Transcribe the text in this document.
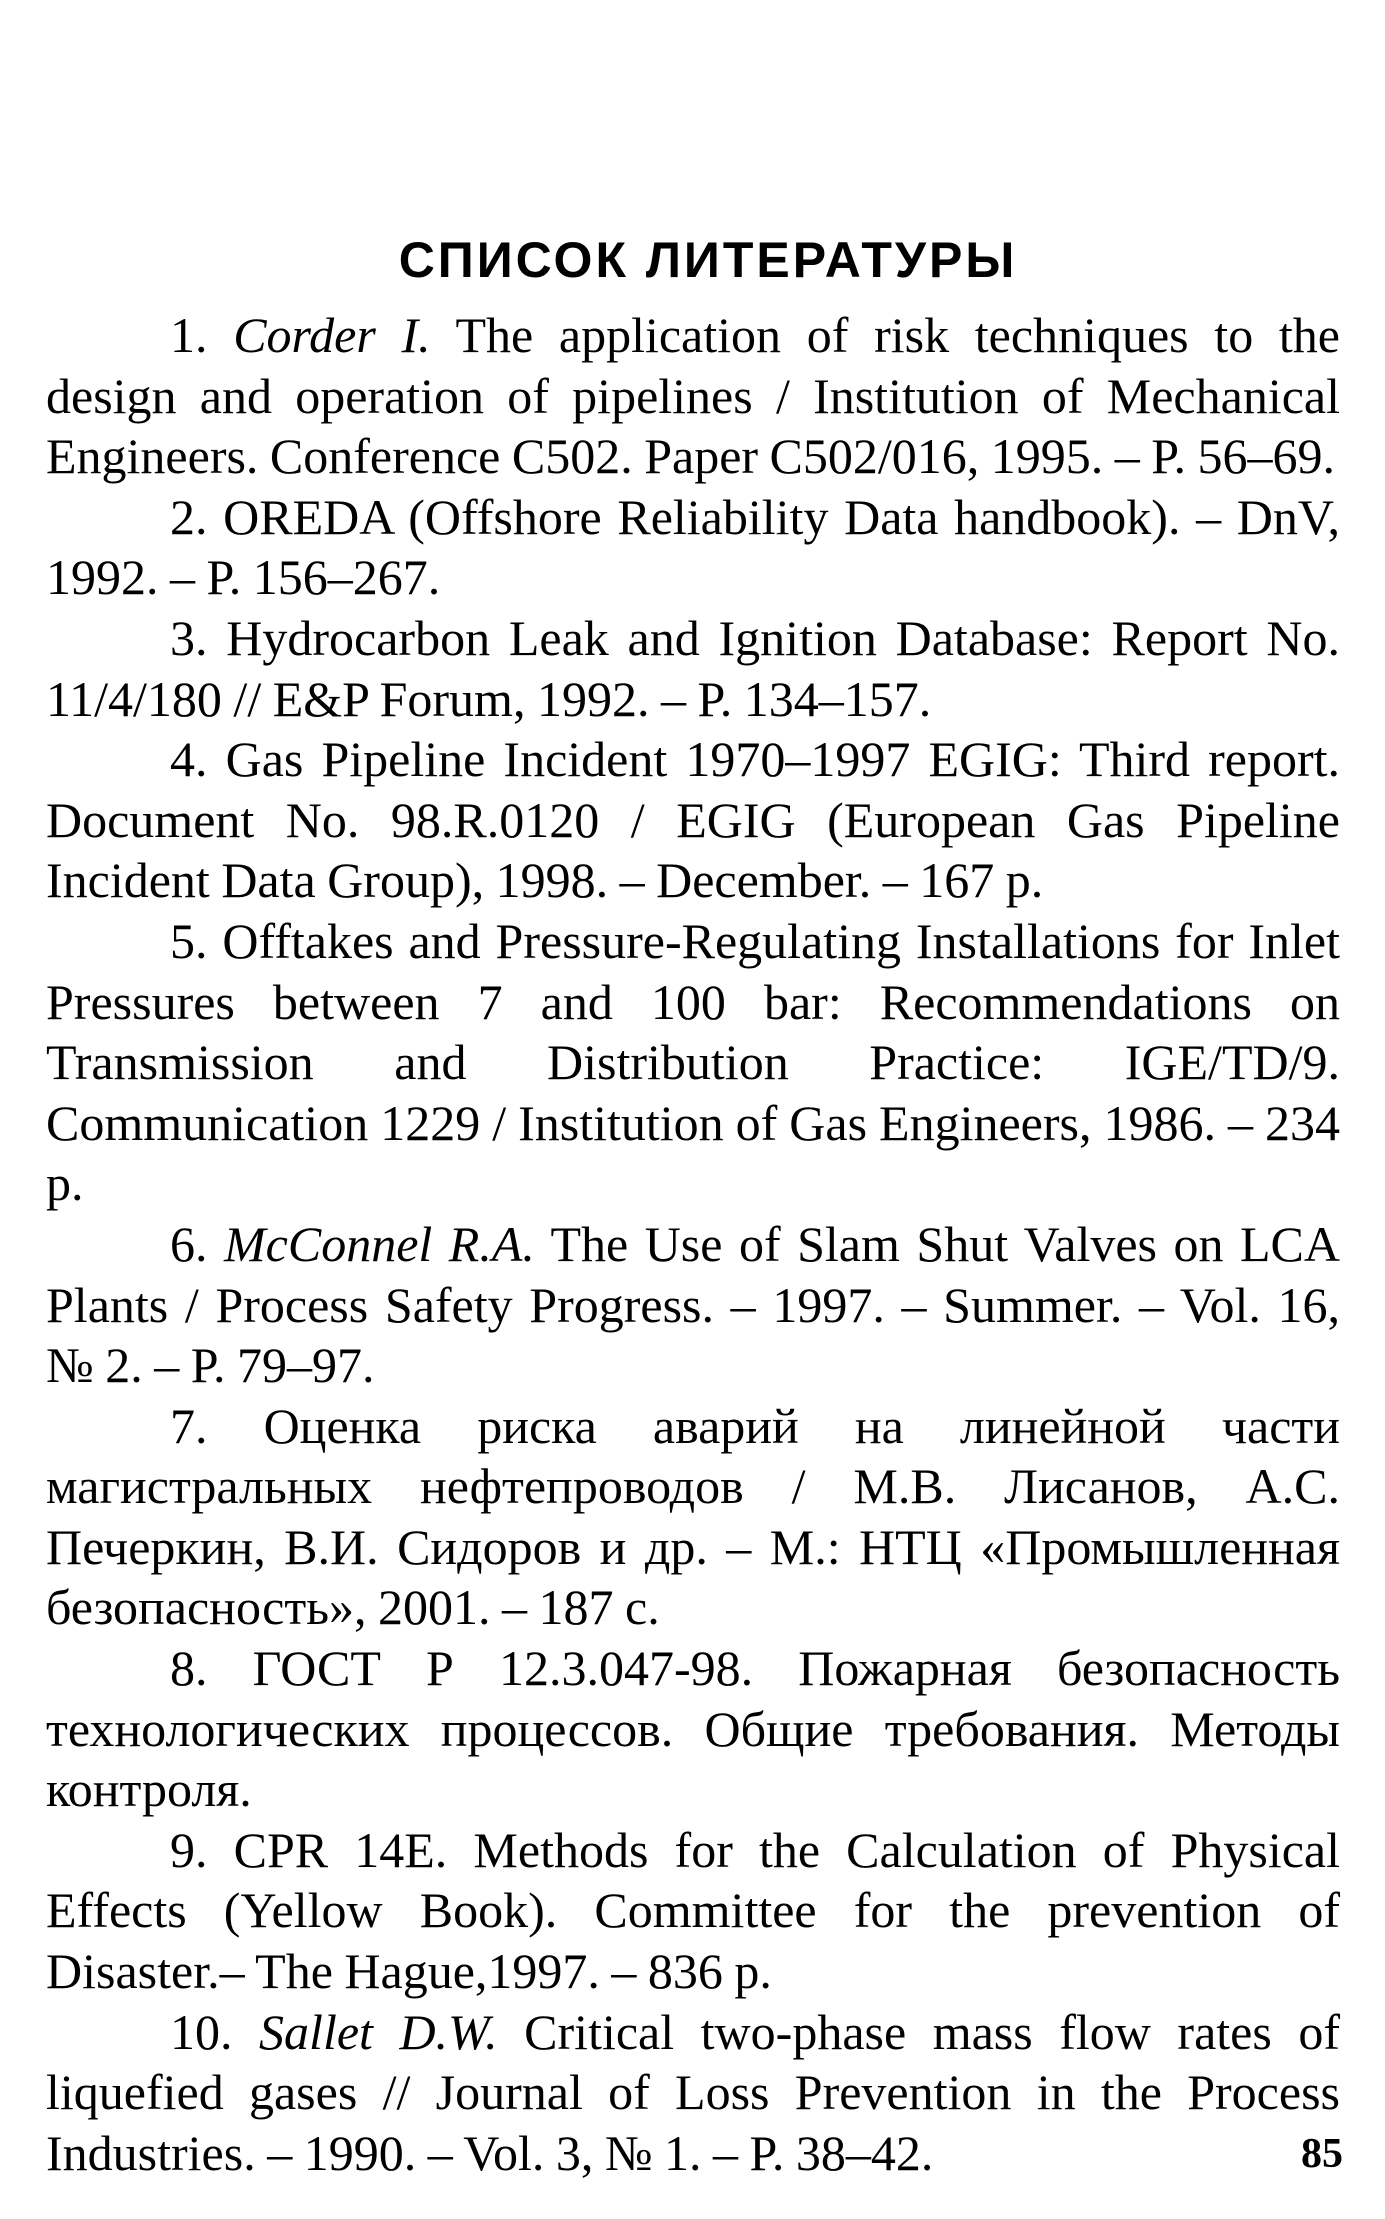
СПИСОК ЛИТЕРАТУРЫ
1. Corder I. The application of risk techniques to the design and operation of pipelines / Institution of Mechanical Engineers. Conference C502. Paper C502/016, 1995. – P. 56–69.
2. OREDA (Offshore Reliability Data handbook). – DnV, 1992. – P. 156–267.
3. Hydrocarbon Leak and Ignition Database: Report No. 11/4/180 // E&P Forum, 1992. – P. 134–157.
4. Gas Pipeline Incident 1970–1997 EGIG: Third report. Document No. 98.R.0120 / EGIG (European Gas Pipeline Incident Data Group), 1998. – December. – 167 p.
5. Offtakes and Pressure-Regulating Installations for Inlet Pressures between 7 and 100 bar: Recommendations on Transmission and Distribution Practice: IGE/TD/9. Communication 1229 / Institution of Gas Engineers, 1986. – 234 p.
6. McConnel R.A. The Use of Slam Shut Valves on LCA Plants / Process Safety Progress. – 1997. – Summer. – Vol. 16, № 2. – P. 79–97.
7. Оценка риска аварий на линейной части магистральных нефтепроводов / М.В. Лисанов, А.С. Печеркин, В.И. Сидоров и др. – М.: НТЦ «Промышленная безопасность», 2001. – 187 с.
8. ГОСТ Р 12.3.047-98. Пожарная безопасность технологических процессов. Общие требования. Методы контроля.
9. CPR 14E. Methods for the Calculation of Physical Effects (Yellow Book). Committee for the prevention of Disaster.– The Hague,1997. – 836 p.
10. Sallet D.W. Critical two-phase mass flow rates of liquefied gases // Journal of Loss Prevention in the Process Industries. – 1990. – Vol. 3, № 1. – P. 38–42.	85
